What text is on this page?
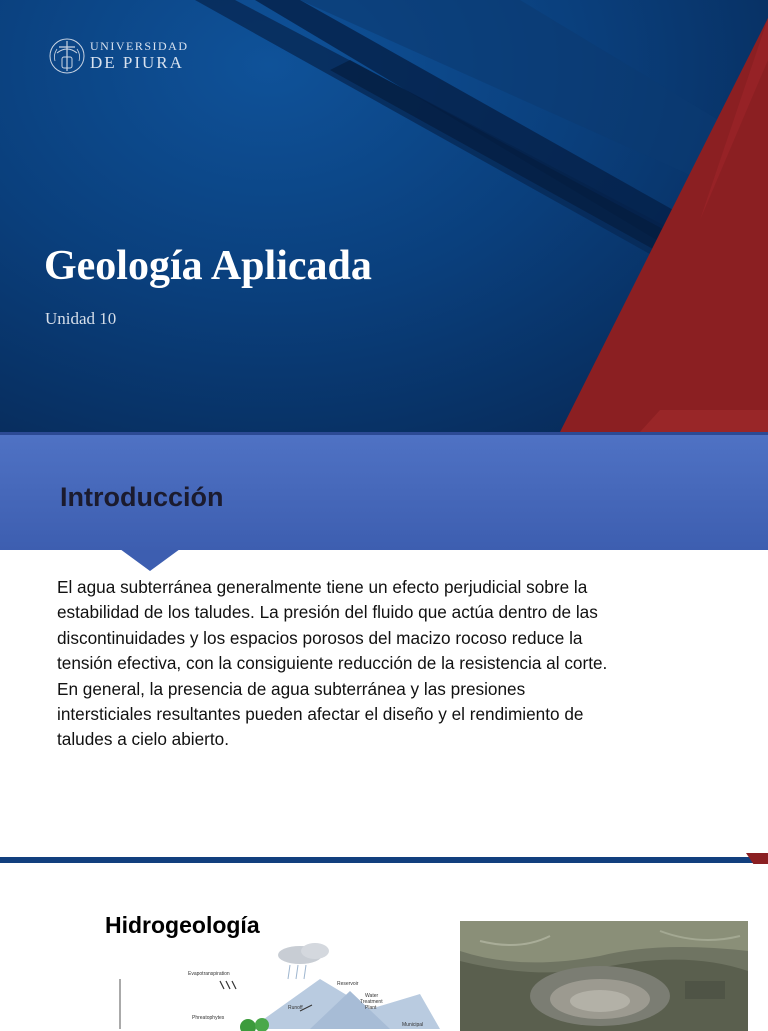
UNIVERSIDAD
DE PIURA
Geología Aplicada
Unidad 10
Introducción
El agua subterránea generalmente tiene un efecto perjudicial sobre la
estabilidad de los taludes. La presión del fluido que actúa dentro de las
discontinuidades y los espacios porosos del macizo rocoso reduce la
tensión efectiva, con la consiguiente reducción de la resistencia al corte.
En general, la presencia de agua subterránea y las presiones
intersticiales resultantes pueden afectar el diseño y el rendimiento de
taludes a cielo abierto.
Hidrogeología
Evapotranspiration
Reservoir
Water
Treatment
Plant
Runoff
Phreatophytes
Municipal
